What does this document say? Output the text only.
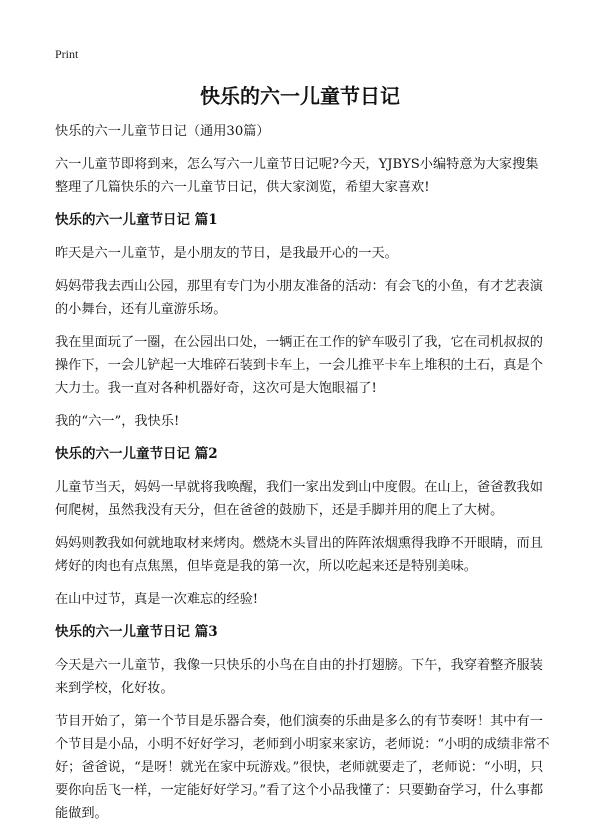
Print
快乐的六一儿童节日记

快乐的六一儿童节日记（通用30篇）

六一儿童节即将到来，怎么写六一儿童节日记呢?今天，YJBYS小编特意为大家搜集整理了几篇快乐的六一儿童节日记，供大家浏览，希望大家喜欢!

快乐的六一儿童节日记 篇1

昨天是六一儿童节，是小朋友的节日，是我最开心的一天。

妈妈带我去西山公园，那里有专门为小朋友准备的活动：有会飞的小鱼，有才艺表演的小舞台，还有儿童游乐场。

我在里面玩了一圈，在公园出口处，一辆正在工作的铲车吸引了我，它在司机叔叔的操作下，一会儿铲起一大堆碎石装到卡车上，一会儿推平卡车上堆积的土石，真是个大力士。我一直对各种机器好奇，这次可是大饱眼福了!

我的“六一”，我快乐!

快乐的六一儿童节日记 篇2

儿童节当天，妈妈一早就将我唤醒，我们一家出发到山中度假。在山上，爸爸教我如何爬树，虽然我没有天分，但在爸爸的鼓励下，还是手脚并用的爬上了大树。

妈妈则教我如何就地取材来烤肉。燃烧木头冒出的阵阵浓烟熏得我睁不开眼睛，而且烤好的肉也有点焦黑，但毕竟是我的第一次，所以吃起来还是特别美味。

在山中过节，真是一次难忘的经验!

快乐的六一儿童节日记 篇3

今天是六一儿童节，我像一只快乐的小鸟在自由的扑打翅膀。下午，我穿着整齐服装来到学校，化好妆。

节目开始了，第一个节目是乐器合奏，他们演奏的乐曲是多么的有节奏呀！其中有一个节目是小品，小明不好好学习，老师到小明家来家访，老师说：“小明的成绩非常不好；爸爸说，“是呀！就光在家中玩游戏。”很快，老师就要走了，老师说：“小明，只要你向岳飞一样，一定能好好学习。”看了这个小品我懂了：只要勤奋学习，什么事都能做到。
